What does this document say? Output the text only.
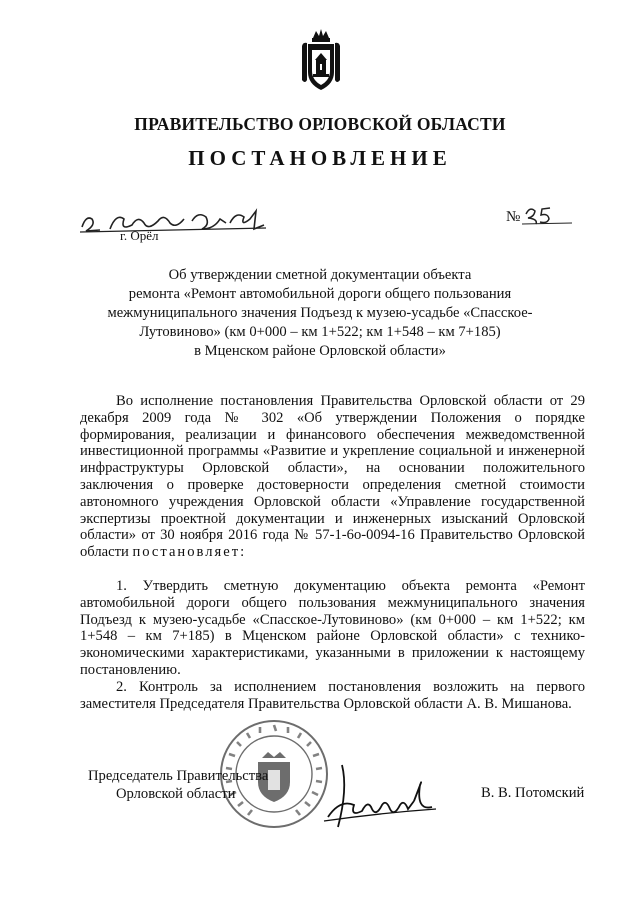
ПРАВИТЕЛЬСТВО ОРЛОВСКОЙ ОБЛАСТИ
ПОСТАНОВЛЕНИЕ
г. Орёл
№
Об утверждении сметной документации объекта
ремонта «Ремонт автомобильной дороги общего пользования
межмуниципального значения Подъезд к музею-усадьбе «Спасское-
Лутовиново» (км 0+000 – км 1+522; км 1+548 – км 7+185)
в Мценском районе Орловской области»

Во исполнение постановления Правительства Орловской области от 29 декабря 2009 года № 302 «Об утверждении Положения о порядке формирования, реализации и финансового обеспечения межведомственной инвестиционной программы «Развитие и укрепление социальной и инженерной инфраструктуры Орловской области», на основании положительного заключения о проверке достоверности определения сметной стоимости автономного учреждения Орловской области «Управление государственной экспертизы проектной документации и инженерных изысканий Орловской области» от 30 ноября 2016 года № 57-1-6о-0094-16 Правительство Орловской области постановляет:

1. Утвердить сметную документацию объекта ремонта «Ремонт автомобильной дороги общего пользования межмуниципального значения Подъезд к музею-усадьбе «Спасское-Лутовиново» (км 0+000 – км 1+522; км 1+548 – км 7+185) в Мценском районе Орловской области» с технико-экономическими характеристиками, указанными в приложении к настоящему постановлению.

2. Контроль за исполнением постановления возложить на первого заместителя Председателя Правительства Орловской области А. В. Мишанова.

Председатель Правительства
Орловской области	В. В. Потомский
